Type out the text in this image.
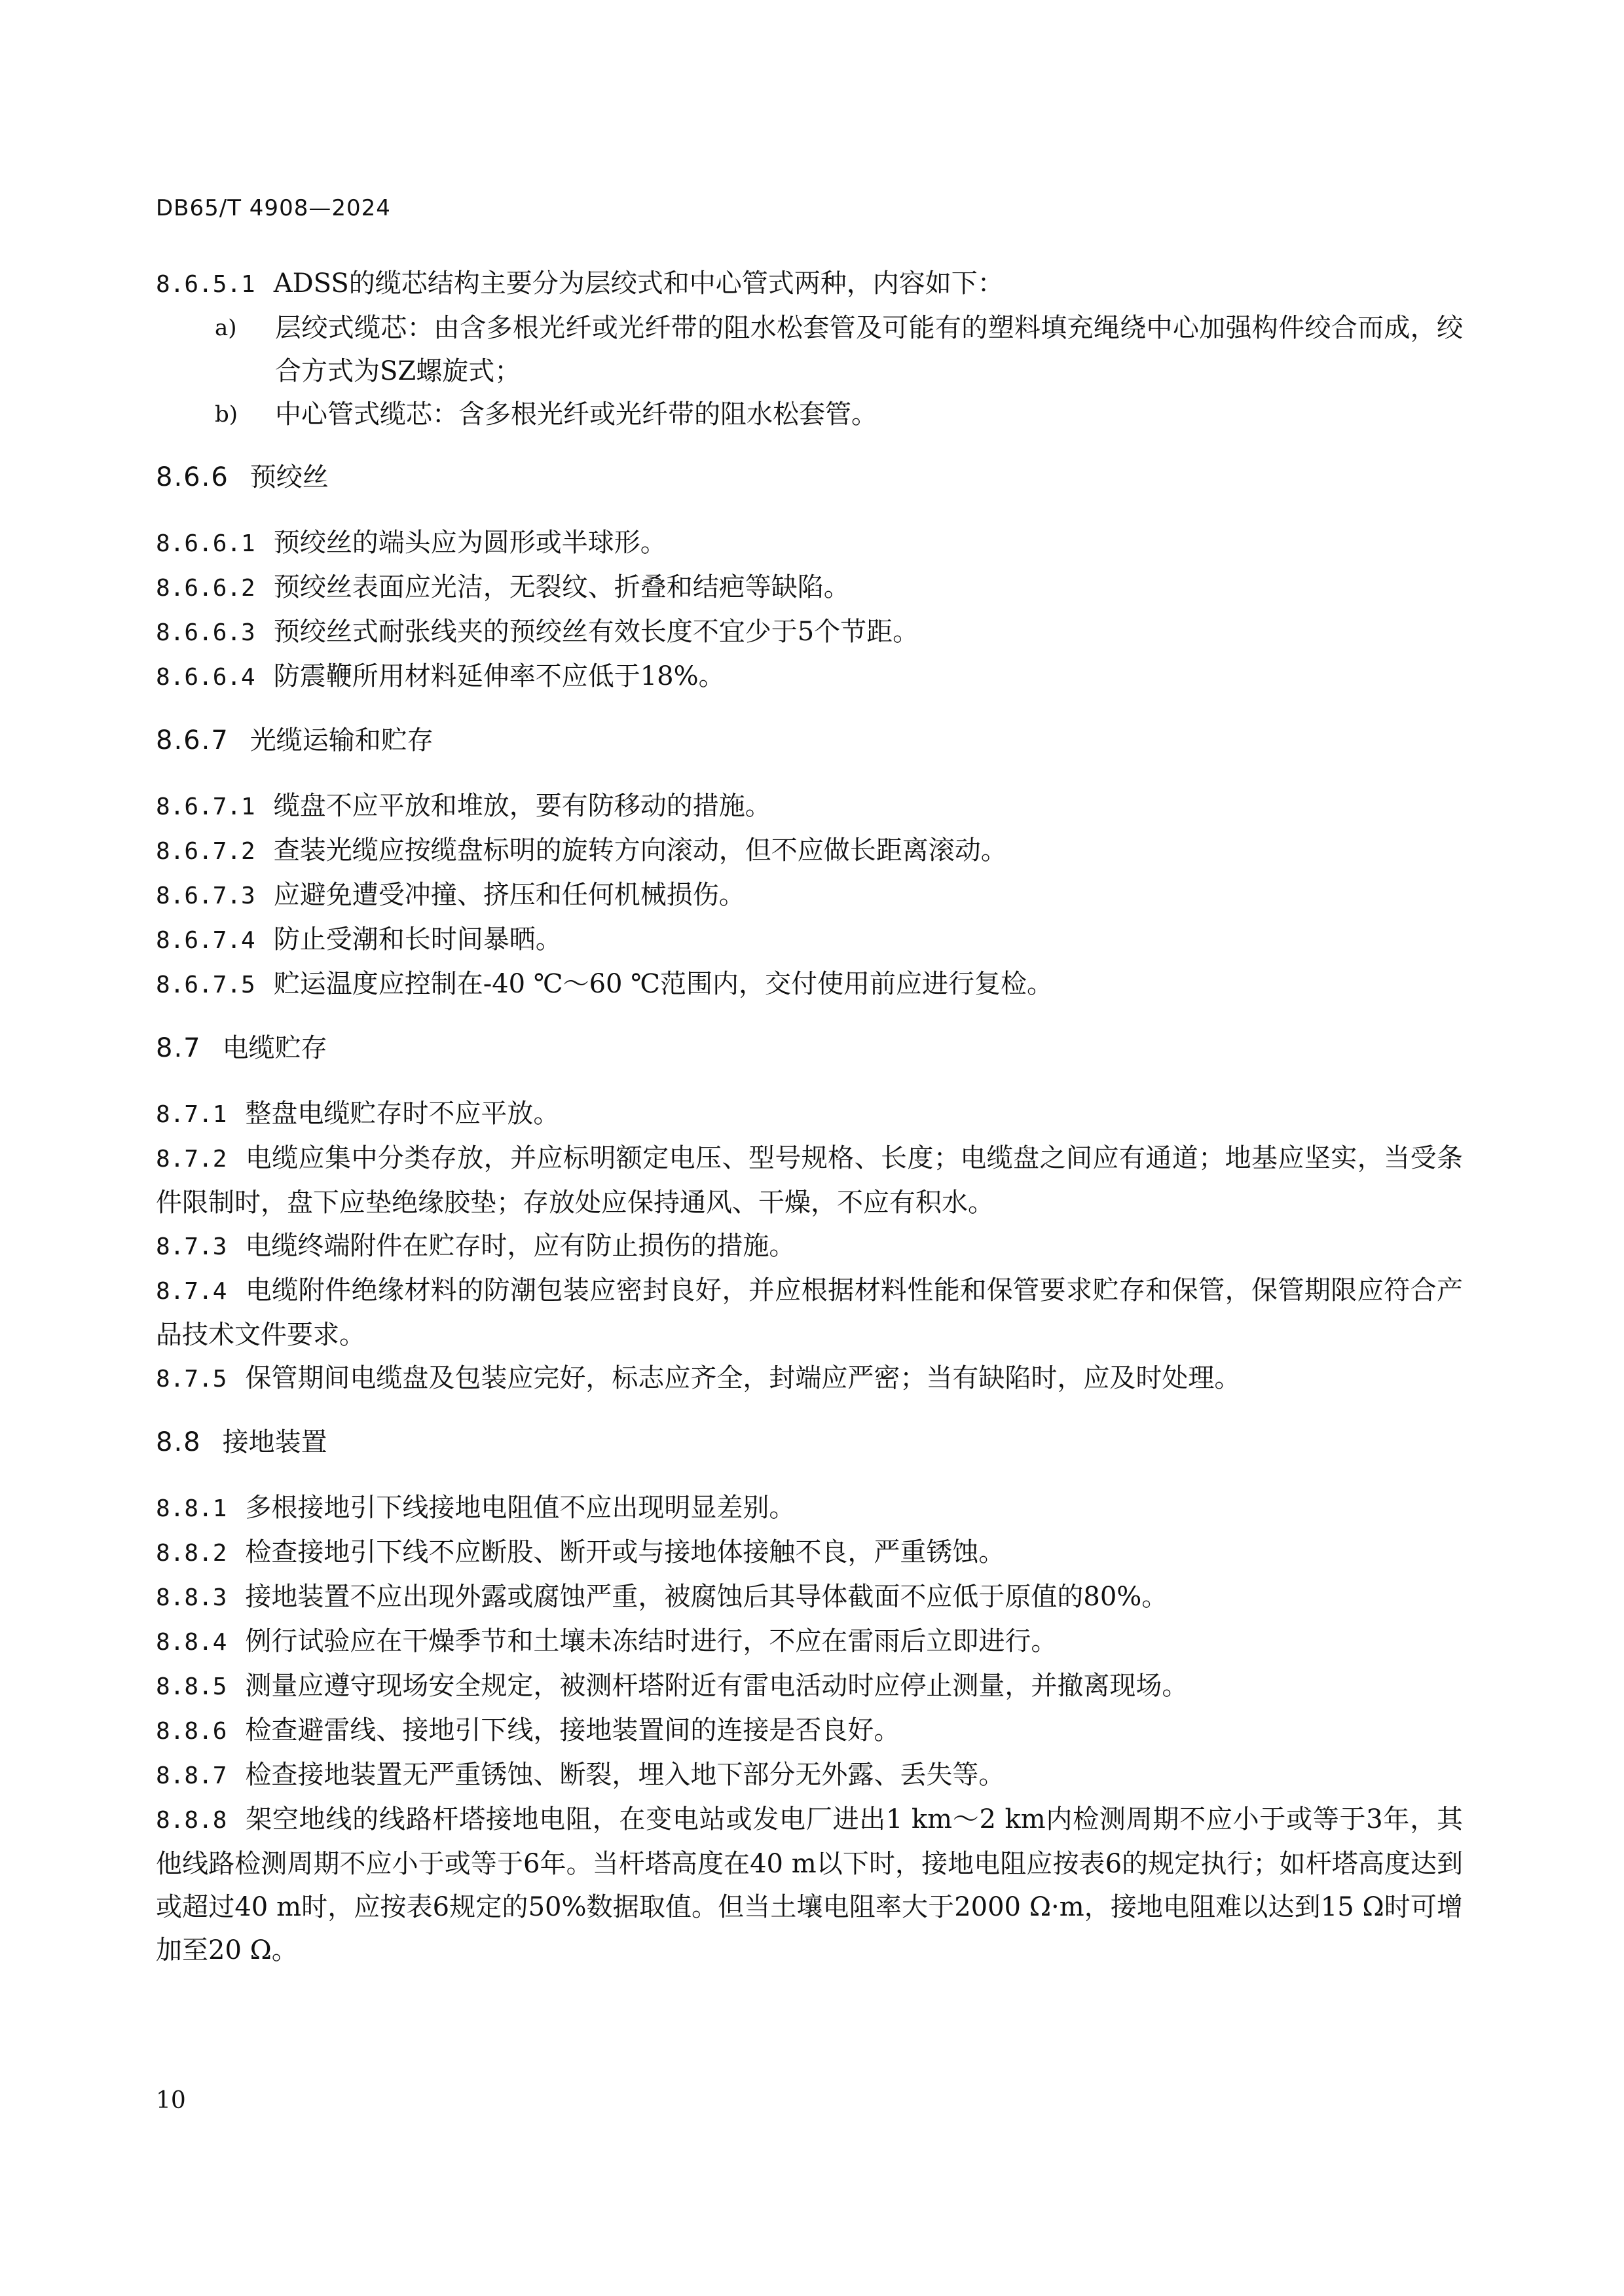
DB65/T 4908—2024

8.6.5.1 ADSS的缆芯结构主要分为层绞式和中心管式两种，内容如下：

a)	层绞式缆芯：由含多根光纤或光纤带的阻水松套管及可能有的塑料填充绳绕中心加强构件绞合而成，绞合方式为SZ螺旋式；
b)	中心管式缆芯：含多根光纤或光纤带的阻水松套管。
8.6.6 预绞丝

8.6.6.1 预绞丝的端头应为圆形或半球形。

8.6.6.2 预绞丝表面应光洁，无裂纹、折叠和结疤等缺陷。

8.6.6.3 预绞丝式耐张线夹的预绞丝有效长度不宜少于5个节距。

8.6.6.4 防震鞭所用材料延伸率不应低于18%。

8.6.7 光缆运输和贮存

8.6.7.1 缆盘不应平放和堆放，要有防移动的措施。

8.6.7.2 查装光缆应按缆盘标明的旋转方向滚动，但不应做长距离滚动。

8.6.7.3 应避免遭受冲撞、挤压和任何机械损伤。

8.6.7.4 防止受潮和长时间暴晒。

8.6.7.5 贮运温度应控制在-40 ℃～60 ℃范围内，交付使用前应进行复检。

8.7 电缆贮存

8.7.1 整盘电缆贮存时不应平放。

8.7.2 电缆应集中分类存放，并应标明额定电压、型号规格、长度；电缆盘之间应有通道；地基应坚实，当受条件限制时，盘下应垫绝缘胶垫；存放处应保持通风、干燥，不应有积水。

8.7.3 电缆终端附件在贮存时，应有防止损伤的措施。

8.7.4 电缆附件绝缘材料的防潮包装应密封良好，并应根据材料性能和保管要求贮存和保管，保管期限应符合产品技术文件要求。

8.7.5 保管期间电缆盘及包装应完好，标志应齐全，封端应严密；当有缺陷时，应及时处理。

8.8 接地装置

8.8.1 多根接地引下线接地电阻值不应出现明显差别。

8.8.2 检查接地引下线不应断股、断开或与接地体接触不良，严重锈蚀。

8.8.3 接地装置不应出现外露或腐蚀严重，被腐蚀后其导体截面不应低于原值的80%。

8.8.4 例行试验应在干燥季节和土壤未冻结时进行，不应在雷雨后立即进行。

8.8.5 测量应遵守现场安全规定，被测杆塔附近有雷电活动时应停止测量，并撤离现场。

8.8.6 检查避雷线、接地引下线，接地装置间的连接是否良好。

8.8.7 检查接地装置无严重锈蚀、断裂，埋入地下部分无外露、丢失等。

8.8.8 架空地线的线路杆塔接地电阻，在变电站或发电厂进出1 km～2 km内检测周期不应小于或等于3年，其他线路检测周期不应小于或等于6年。当杆塔高度在40 m以下时，接地电阻应按表6的规定执行；如杆塔高度达到或超过40 m时，应按表6规定的50%数据取值。但当土壤电阻率大于2000 Ω·m，接地电阻难以达到15 Ω时可增加至20 Ω。

10
